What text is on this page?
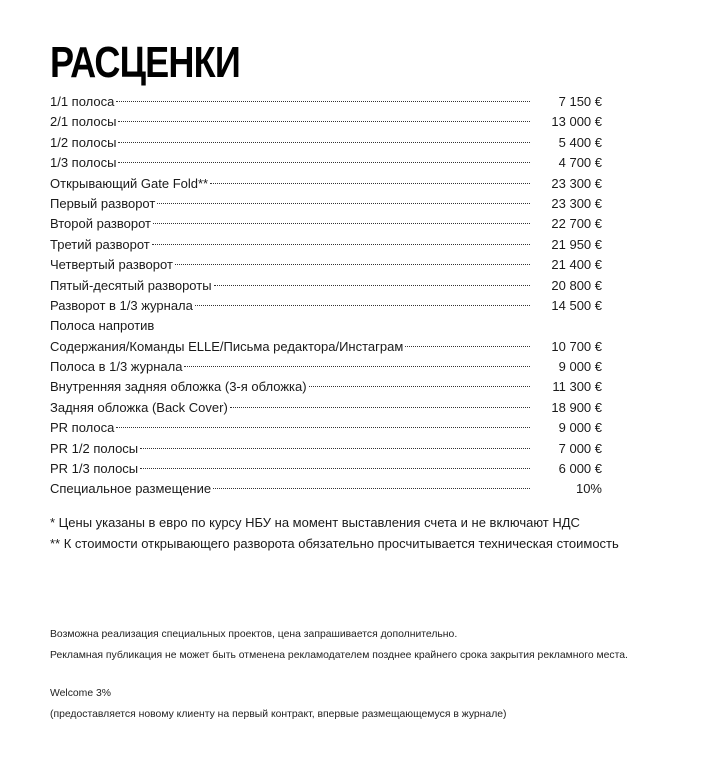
РАСЦЕНКИ
1/1 полоса	7 150 €
2/1 полосы	13 000 €
1/2 полосы	5 400 €
1/3 полосы	4 700 €
Открывающий Gate Fold**	23 300 €
Первый разворот	23 300 €
Второй разворот	22 700 €
Третий разворот	21 950 €
Четвертый разворот	21 400 €
Пятый-десятый развороты	20 800 €
Разворот в 1/3 журнала	14 500 €
Полоса напротив
Содержания/Команды ELLE/Письма редактора/Инстаграм	10 700 €
Полоса в 1/3 журнала	9 000 €
Внутренняя задняя обложка (3-я обложка)	11 300 €
Задняя обложка (Back Cover)	18 900 €
PR полоса	9 000 €
PR 1/2 полосы	7 000 €
PR 1/3 полосы	6 000 €
Специальное размещение	10%
* Цены указаны в евро по курсу НБУ на момент выставления счета и не включают НДС
** К стоимости открывающего разворота обязательно просчитывается техническая стоимость
Возможна реализация специальных проектов, цена запрашивается дополнительно.
Рекламная публикация не может быть отменена рекламодателем позднее крайнего срока закрытия рекламного места.
Welcome 3%
(предоставляется новому клиенту на первый контракт, впервые размещающемуся в журнале)
